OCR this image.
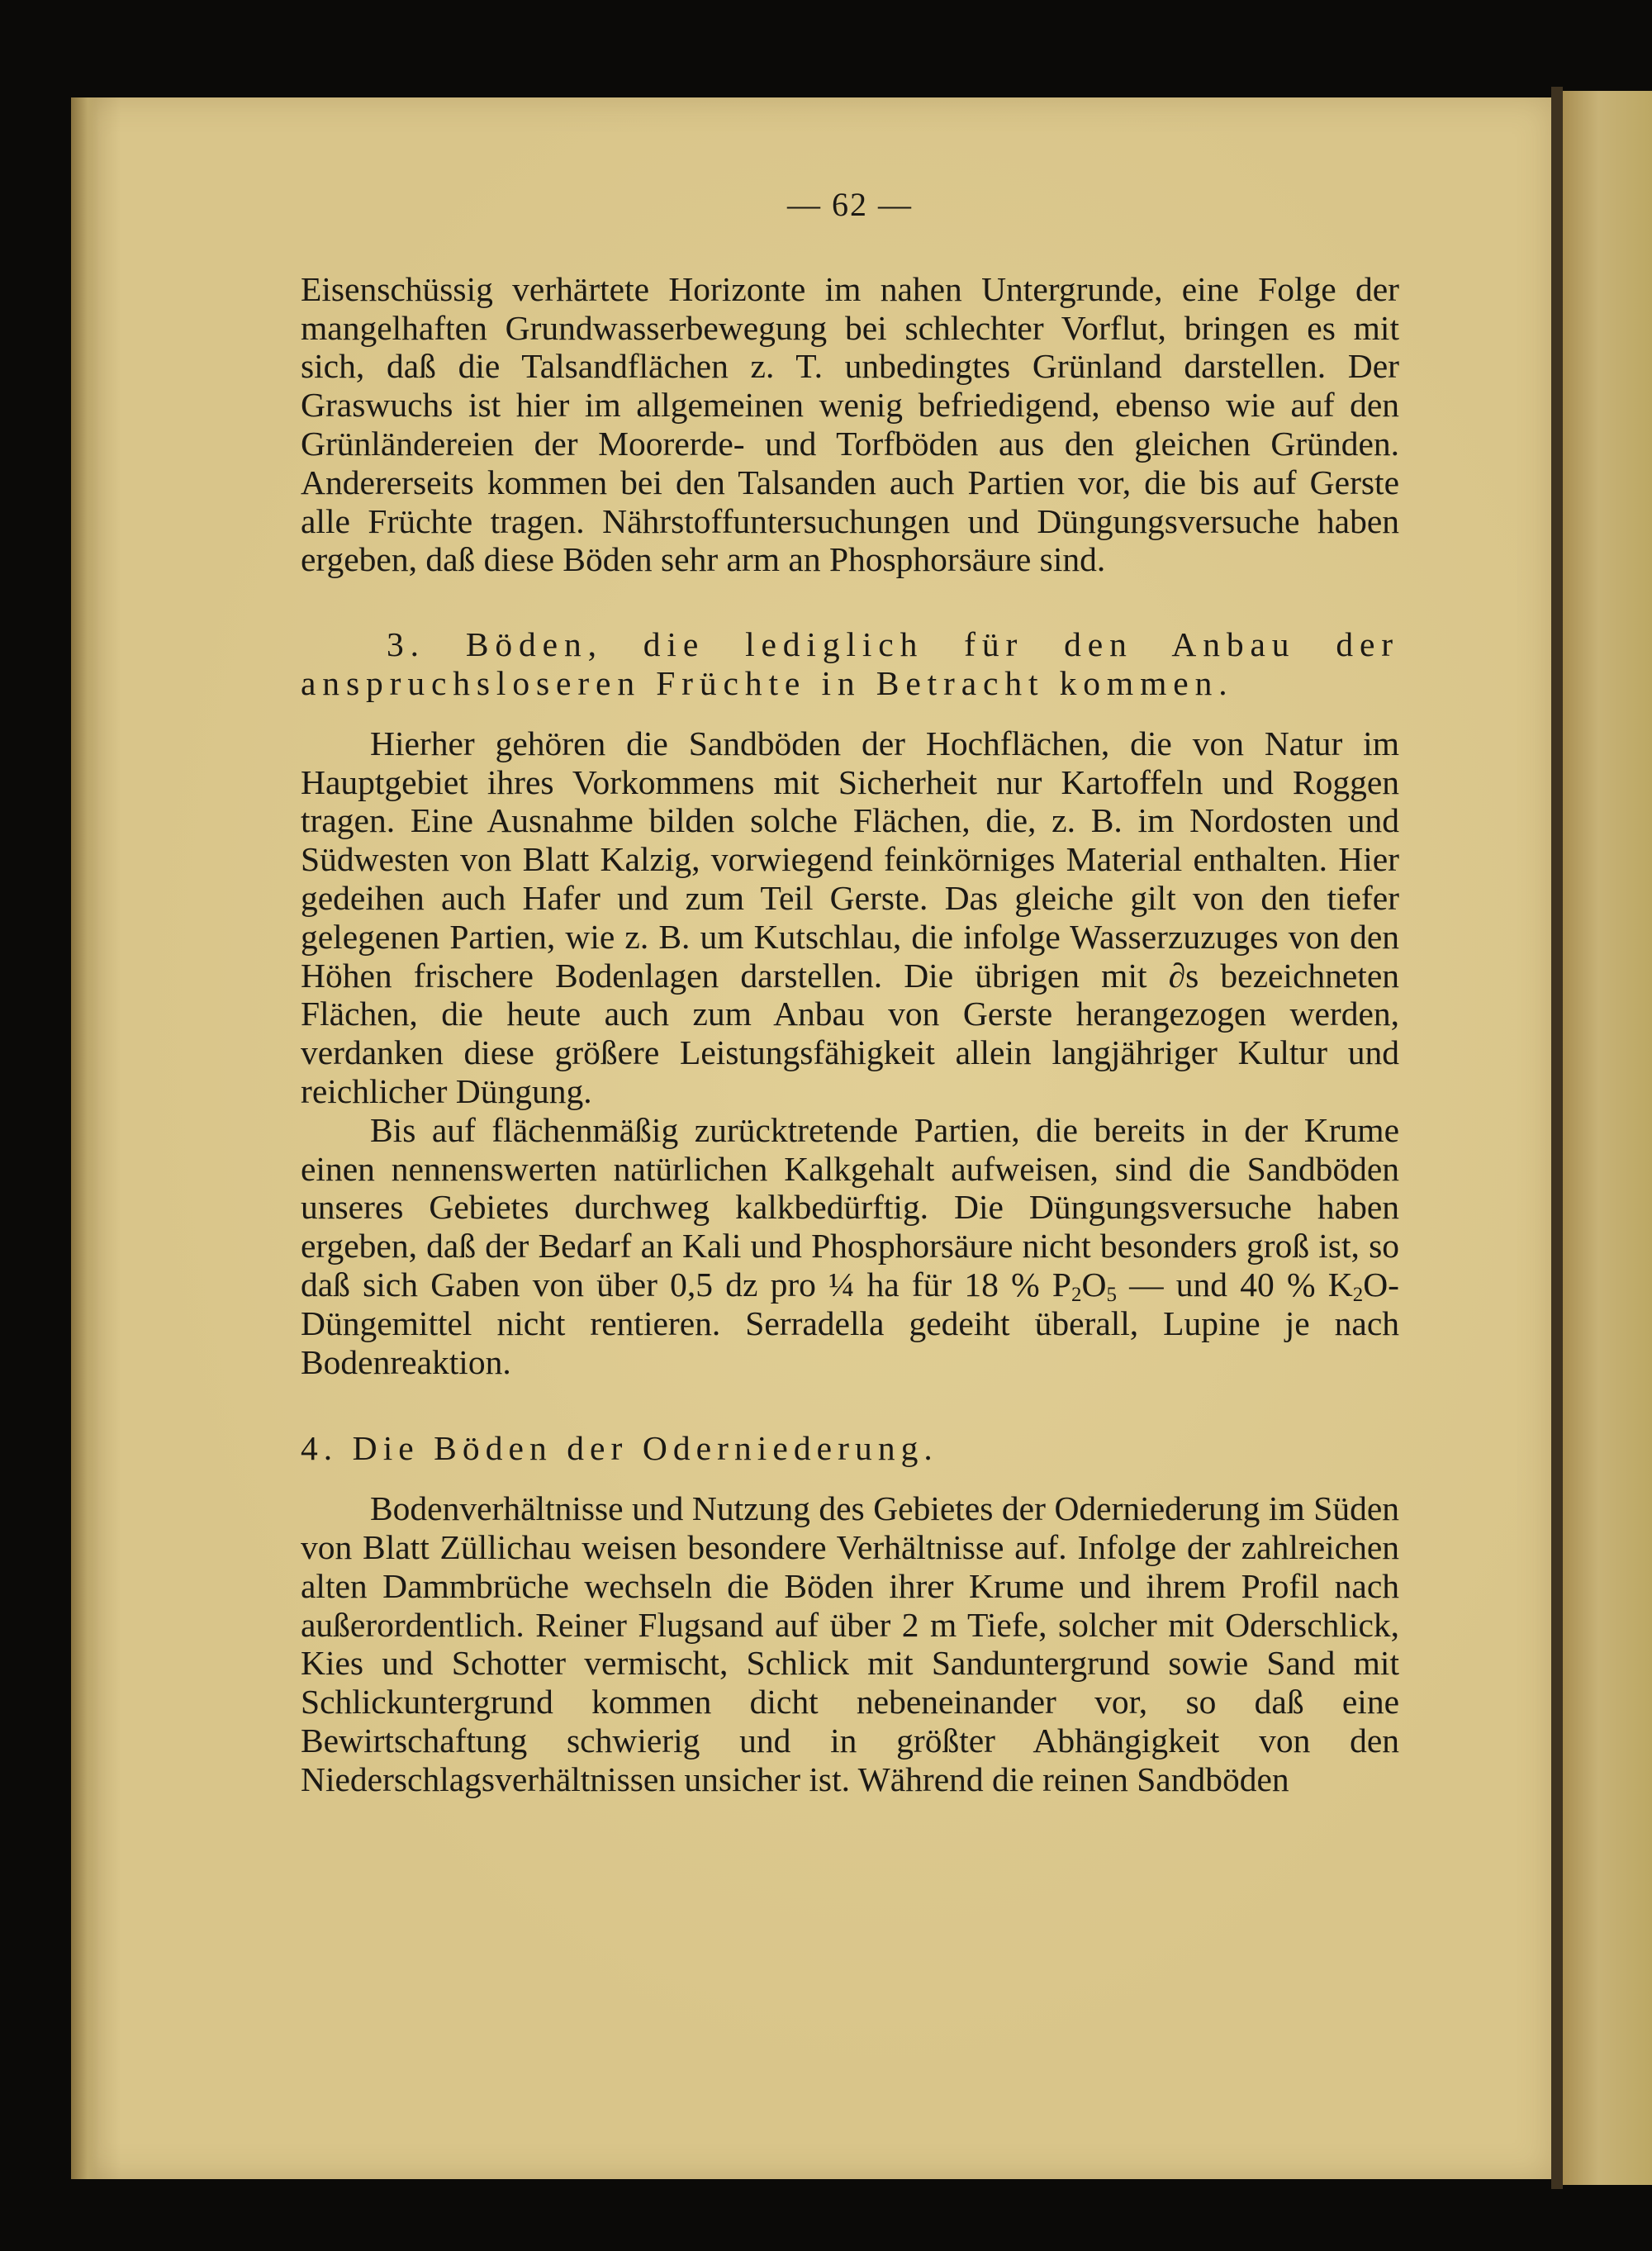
— 62 —

Eisenschüssig verhärtete Horizonte im nahen Untergrunde, eine Folge der mangelhaften Grundwasserbewegung bei schlechter Vorflut, bringen es mit sich, daß die Talsandflächen z. T. unbedingtes Grünland darstellen. Der Graswuchs ist hier im allgemeinen wenig befriedigend, ebenso wie auf den Grünländereien der Moorerde- und Torfböden aus den gleichen Gründen. Andererseits kommen bei den Talsanden auch Partien vor, die bis auf Gerste alle Früchte tragen. Nährstoffuntersuchungen und Düngungsversuche haben ergeben, daß diese Böden sehr arm an Phosphorsäure sind.

3. Böden, die lediglich für den Anbau der anspruchsloseren Früchte in Betracht kommen.

Hierher gehören die Sandböden der Hochflächen, die von Natur im Hauptgebiet ihres Vorkommens mit Sicherheit nur Kartoffeln und Roggen tragen. Eine Ausnahme bilden solche Flächen, die, z. B. im Nordosten und Südwesten von Blatt Kalzig, vorwiegend feinkörniges Material enthalten. Hier gedeihen auch Hafer und zum Teil Gerste. Das gleiche gilt von den tiefer gelegenen Partien, wie z. B. um Kutschlau, die infolge Wasserzuzuges von den Höhen frischere Bodenlagen darstellen. Die übrigen mit ∂s bezeichneten Flächen, die heute auch zum Anbau von Gerste herangezogen werden, verdanken diese größere Leistungsfähigkeit allein langjähriger Kultur und reichlicher Düngung.

Bis auf flächenmäßig zurücktretende Partien, die bereits in der Krume einen nennenswerten natürlichen Kalkgehalt aufweisen, sind die Sandböden unseres Gebietes durchweg kalkbedürftig. Die Düngungsversuche haben ergeben, daß der Bedarf an Kali und Phosphorsäure nicht besonders groß ist, so daß sich Gaben von über 0,5 dz pro ¼ ha für 18 % $P_2O_5$ — und 40 % $K_2O$-Düngemittel nicht rentieren. Serradella gedeiht überall, Lupine je nach Bodenreaktion.

4. Die Böden der Oderniederung.

Bodenverhältnisse und Nutzung des Gebietes der Oderniederung im Süden von Blatt Züllichau weisen besondere Verhältnisse auf. Infolge der zahlreichen alten Dammbrüche wechseln die Böden ihrer Krume und ihrem Profil nach außerordentlich. Reiner Flugsand auf über 2 m Tiefe, solcher mit Oderschlick, Kies und Schotter vermischt, Schlick mit Sanduntergrund sowie Sand mit Schlickuntergrund kommen dicht nebeneinander vor, so daß eine Bewirtschaftung schwierig und in größter Abhängigkeit von den Niederschlagsverhältnissen unsicher ist. Während die reinen Sandböden
